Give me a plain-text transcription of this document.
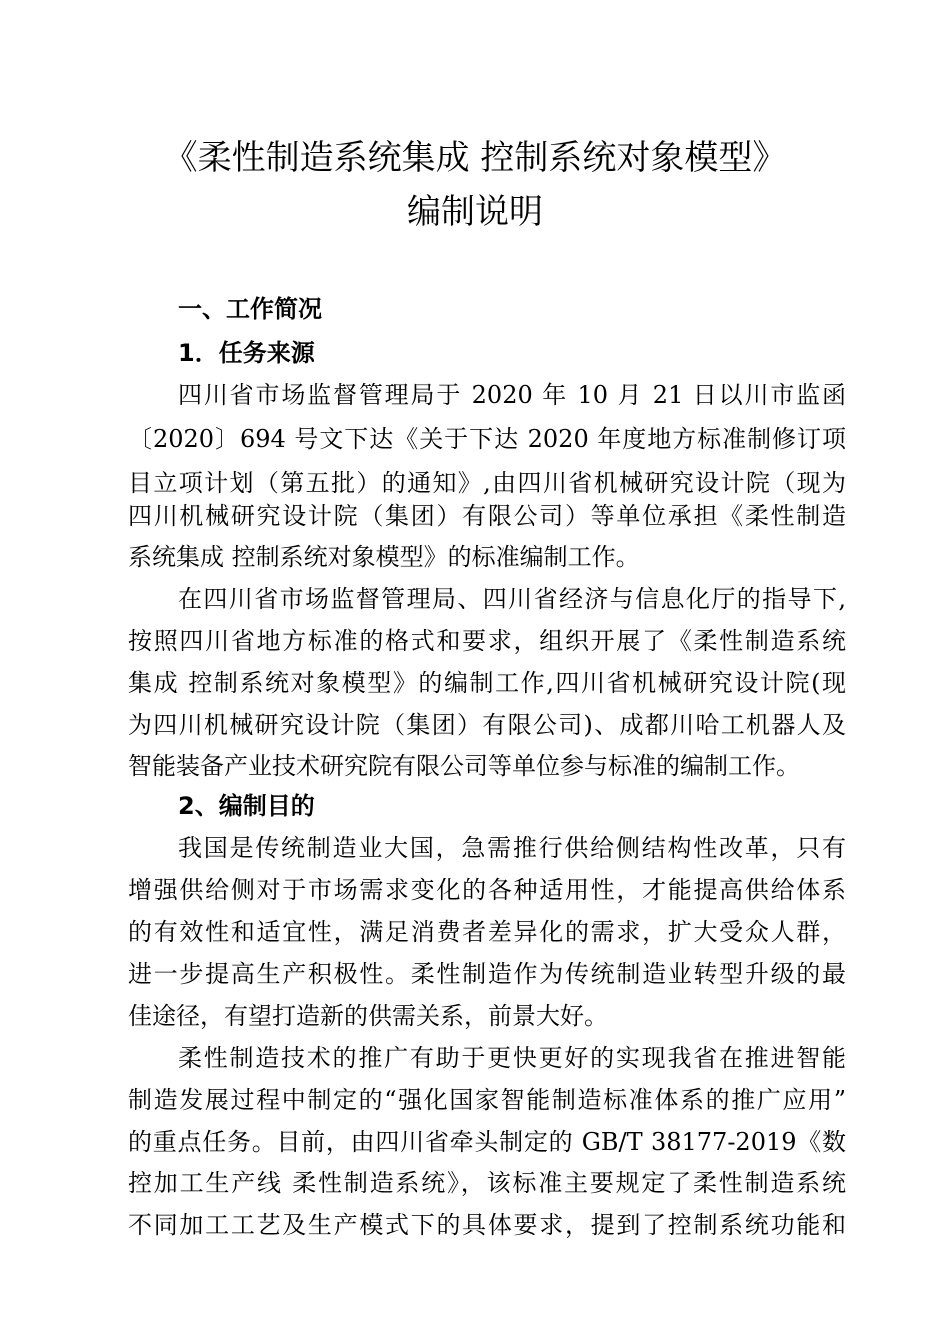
《柔性制造系统集成 控制系统对象模型》
编制说明
一、工作简况
1．任务来源
四川省市场监督管理局于 2020 年 10 月 21 日以川市监函
〔2020〕694 号文下达《关于下达 2020 年度地方标准制修订项
目立项计划（第五批）的通知》,由四川省机械研究设计院（现为
四川机械研究设计院（集团）有限公司）等单位承担《柔性制造
系统集成 控制系统对象模型》的标准编制工作。
在四川省市场监督管理局、四川省经济与信息化厅的指导下,
按照四川省地方标准的格式和要求，组织开展了《柔性制造系统
集成 控制系统对象模型》的编制工作,四川省机械研究设计院(现
为四川机械研究设计院（集团）有限公司)、成都川哈工机器人及
智能装备产业技术研究院有限公司等单位参与标准的编制工作。
2、编制目的
我国是传统制造业大国，急需推行供给侧结构性改革，只有
增强供给侧对于市场需求变化的各种适用性，才能提高供给体系
的有效性和适宜性，满足消费者差异化的需求，扩大受众人群，
进一步提高生产积极性。柔性制造作为传统制造业转型升级的最
佳途径，有望打造新的供需关系，前景大好。
柔性制造技术的推广有助于更快更好的实现我省在推进智能
制造发展过程中制定的“强化国家智能制造标准体系的推广应用”
的重点任务。目前，由四川省牵头制定的 GB/T 38177-2019《数
控加工生产线 柔性制造系统》，该标准主要规定了柔性制造系统
不同加工工艺及生产模式下的具体要求，提到了控制系统功能和
